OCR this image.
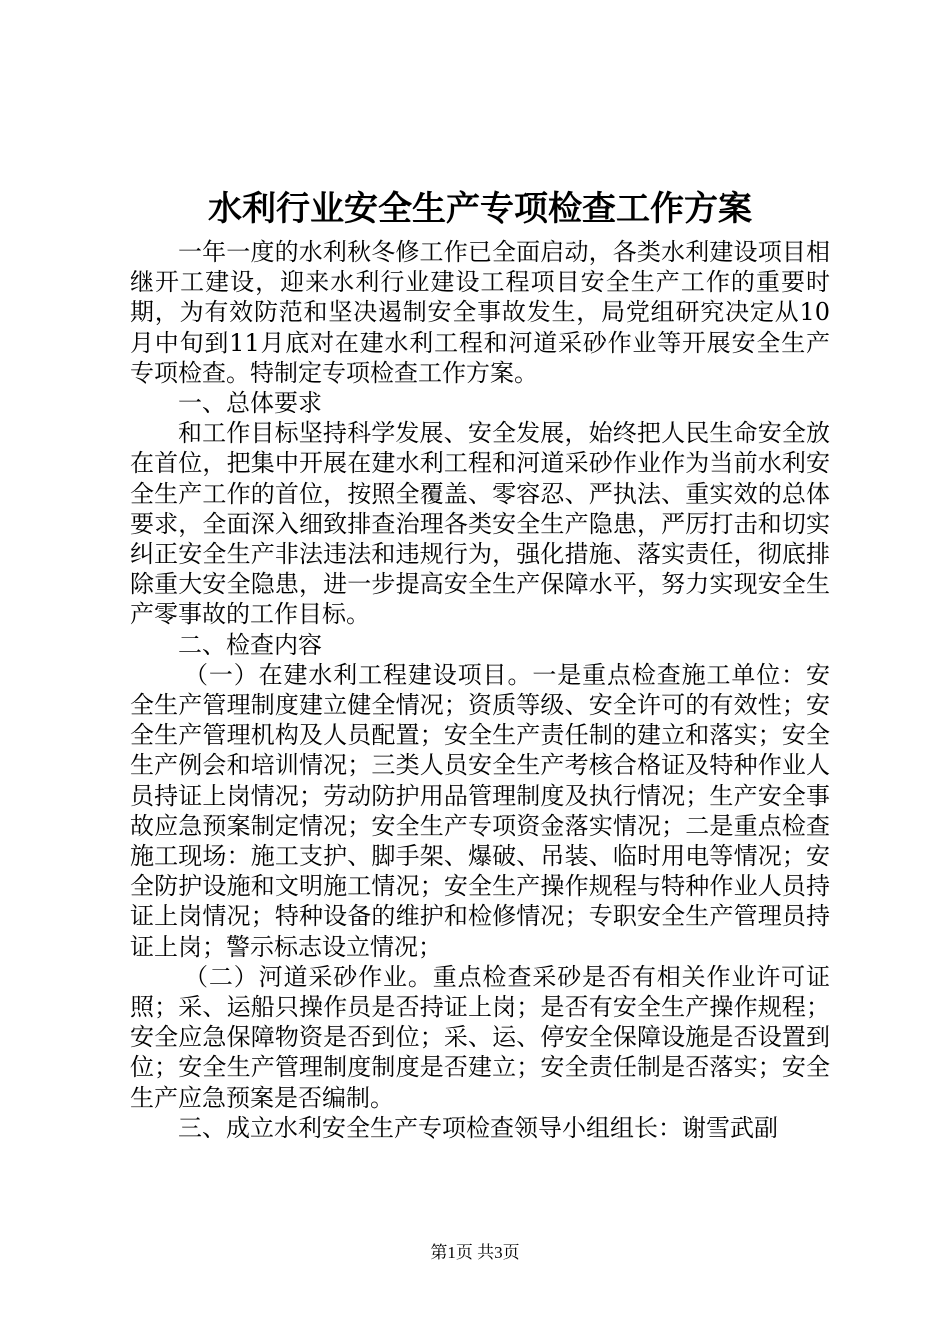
水利行业安全生产专项检查工作方案

一年一度的水利秋冬修工作已全面启动，各类水利建设项目相继开工建设，迎来水利行业建设工程项目安全生产工作的重要时期，为有效防范和坚决遏制安全事故发生，局党组研究决定从10月中旬到11月底对在建水利工程和河道采砂作业等开展安全生产专项检查。特制定专项检查工作方案。

一、总体要求

和工作目标坚持科学发展、安全发展，始终把人民生命安全放在首位，把集中开展在建水利工程和河道采砂作业作为当前水利安全生产工作的首位，按照全覆盖、零容忍、严执法、重实效的总体要求，全面深入细致排查治理各类安全生产隐患，严厉打击和切实纠正安全生产非法违法和违规行为，强化措施、落实责任，彻底排除重大安全隐患，进一步提高安全生产保障水平，努力实现安全生产零事故的工作目标。

二、检查内容

（一）在建水利工程建设项目。一是重点检查施工单位：安全生产管理制度建立健全情况；资质等级、安全许可的有效性；安全生产管理机构及人员配置；安全生产责任制的建立和落实；安全生产例会和培训情况；三类人员安全生产考核合格证及特种作业人员持证上岗情况；劳动防护用品管理制度及执行情况；生产安全事故应急预案制定情况；安全生产专项资金落实情况；二是重点检查施工现场：施工支护、脚手架、爆破、吊装、临时用电等情况；安全防护设施和文明施工情况；安全生产操作规程与特种作业人员持证上岗情况；特种设备的维护和检修情况；专职安全生产管理员持证上岗；警示标志设立情况；

（二）河道采砂作业。重点检查采砂是否有相关作业许可证照；采、运船只操作员是否持证上岗；是否有安全生产操作规程；安全应急保障物资是否到位；采、运、停安全保障设施是否设置到位；安全生产管理制度制度是否建立；安全责任制是否落实；安全生产应急预案是否编制。

三、成立水利安全生产专项检查领导小组组长：谢雪武副

第1页 共3页
